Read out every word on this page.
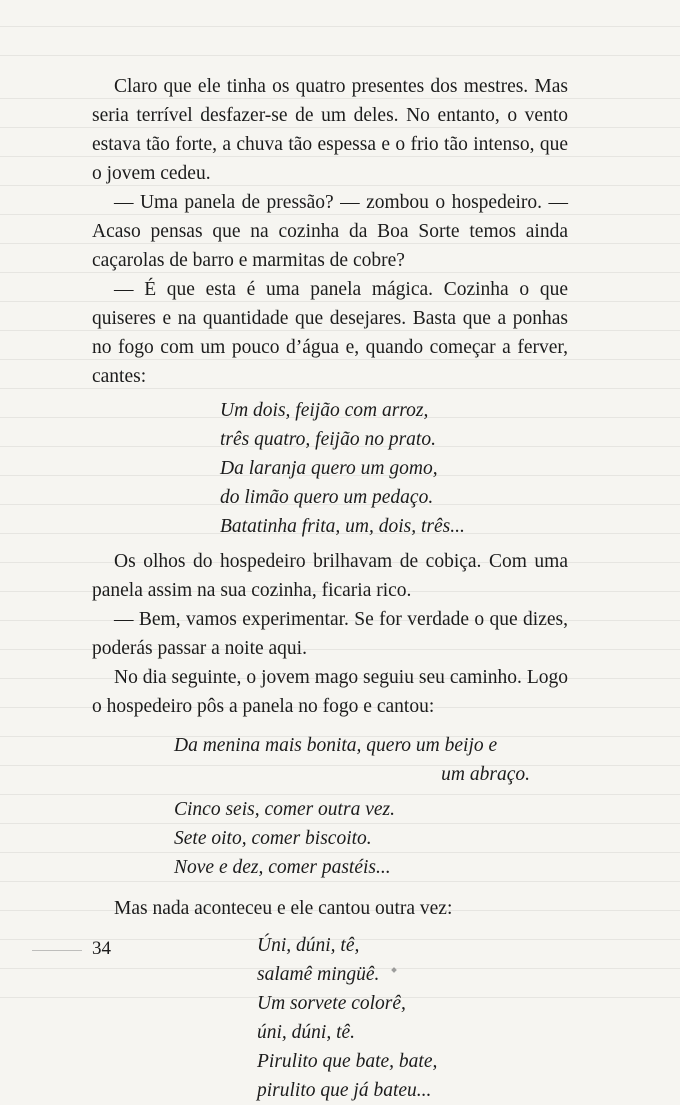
Claro que ele tinha os quatro presentes dos mestres. Mas seria terrível desfazer-se de um deles. No entanto, o vento estava tão forte, a chuva tão espessa e o frio tão intenso, que o jovem cedeu.

— Uma panela de pressão? — zombou o hospedeiro. — Acaso pensas que na cozinha da Boa Sorte temos ainda caçarolas de barro e marmitas de cobre?

— É que esta é uma panela mágica. Cozinha o que quiseres e na quantidade que desejares. Basta que a ponhas no fogo com um pouco d’água e, quando começar a ferver, cantes:

Um dois, feijão com arroz,
três quatro, feijão no prato.
Da laranja quero um gomo,
do limão quero um pedaço.
Batatinha frita, um, dois, três...

Os olhos do hospedeiro brilhavam de cobiça. Com uma panela assim na sua cozinha, ficaria rico.

— Bem, vamos experimentar. Se for verdade o que dizes, poderás passar a noite aqui.

No dia seguinte, o jovem mago seguiu seu caminho. Logo o hospedeiro pôs a panela no fogo e cantou:

Da menina mais bonita, quero um beijo e
um abraço.
Cinco seis, comer outra vez.
Sete oito, comer biscoito.
Nove e dez, comer pastéis...

Mas nada aconteceu e ele cantou outra vez:

Úni, dúni, tê,
salamê mingüê.
Um sorvete colorê,
úni, dúni, tê.
Pirulito que bate, bate,
pirulito que já bateu...
34
